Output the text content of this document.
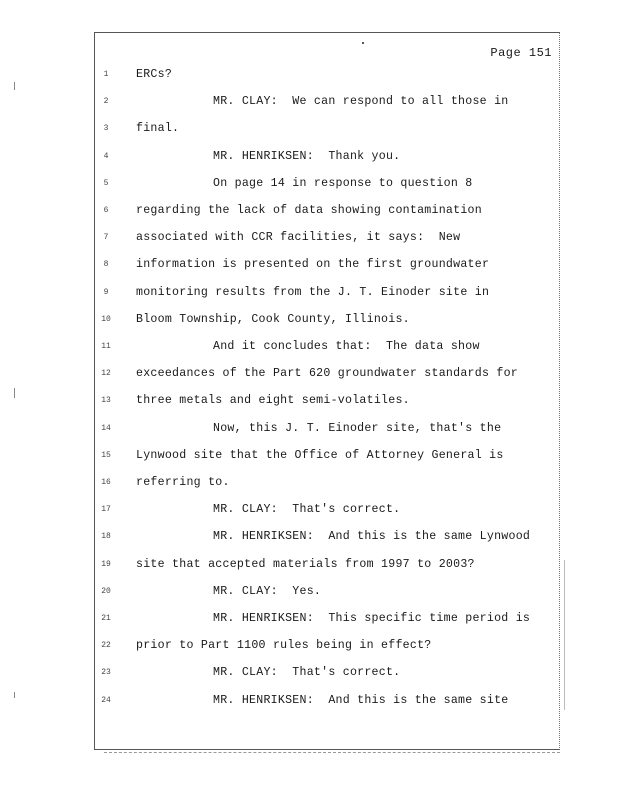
Page 151
1	ERCs?
2	MR. CLAY:  We can respond to all those in
3	final.
4	MR. HENRIKSEN:  Thank you.
5	On page 14 in response to question 8
6	regarding the lack of data showing contamination
7	associated with CCR facilities, it says:  New
8	information is presented on the first groundwater
9	monitoring results from the J. T. Einoder site in
10	Bloom Township, Cook County, Illinois.
11	And it concludes that:  The data show
12	exceedances of the Part 620 groundwater standards for
13	three metals and eight semi-volatiles.
14	Now, this J. T. Einoder site, that's the
15	Lynwood site that the Office of Attorney General is
16	referring to.
17	MR. CLAY:  That's correct.
18	MR. HENRIKSEN:  And this is the same Lynwood
19	site that accepted materials from 1997 to 2003?
20	MR. CLAY:  Yes.
21	MR. HENRIKSEN:  This specific time period is
22	prior to Part 1100 rules being in effect?
23	MR. CLAY:  That's correct.
24	MR. HENRIKSEN:  And this is the same site
